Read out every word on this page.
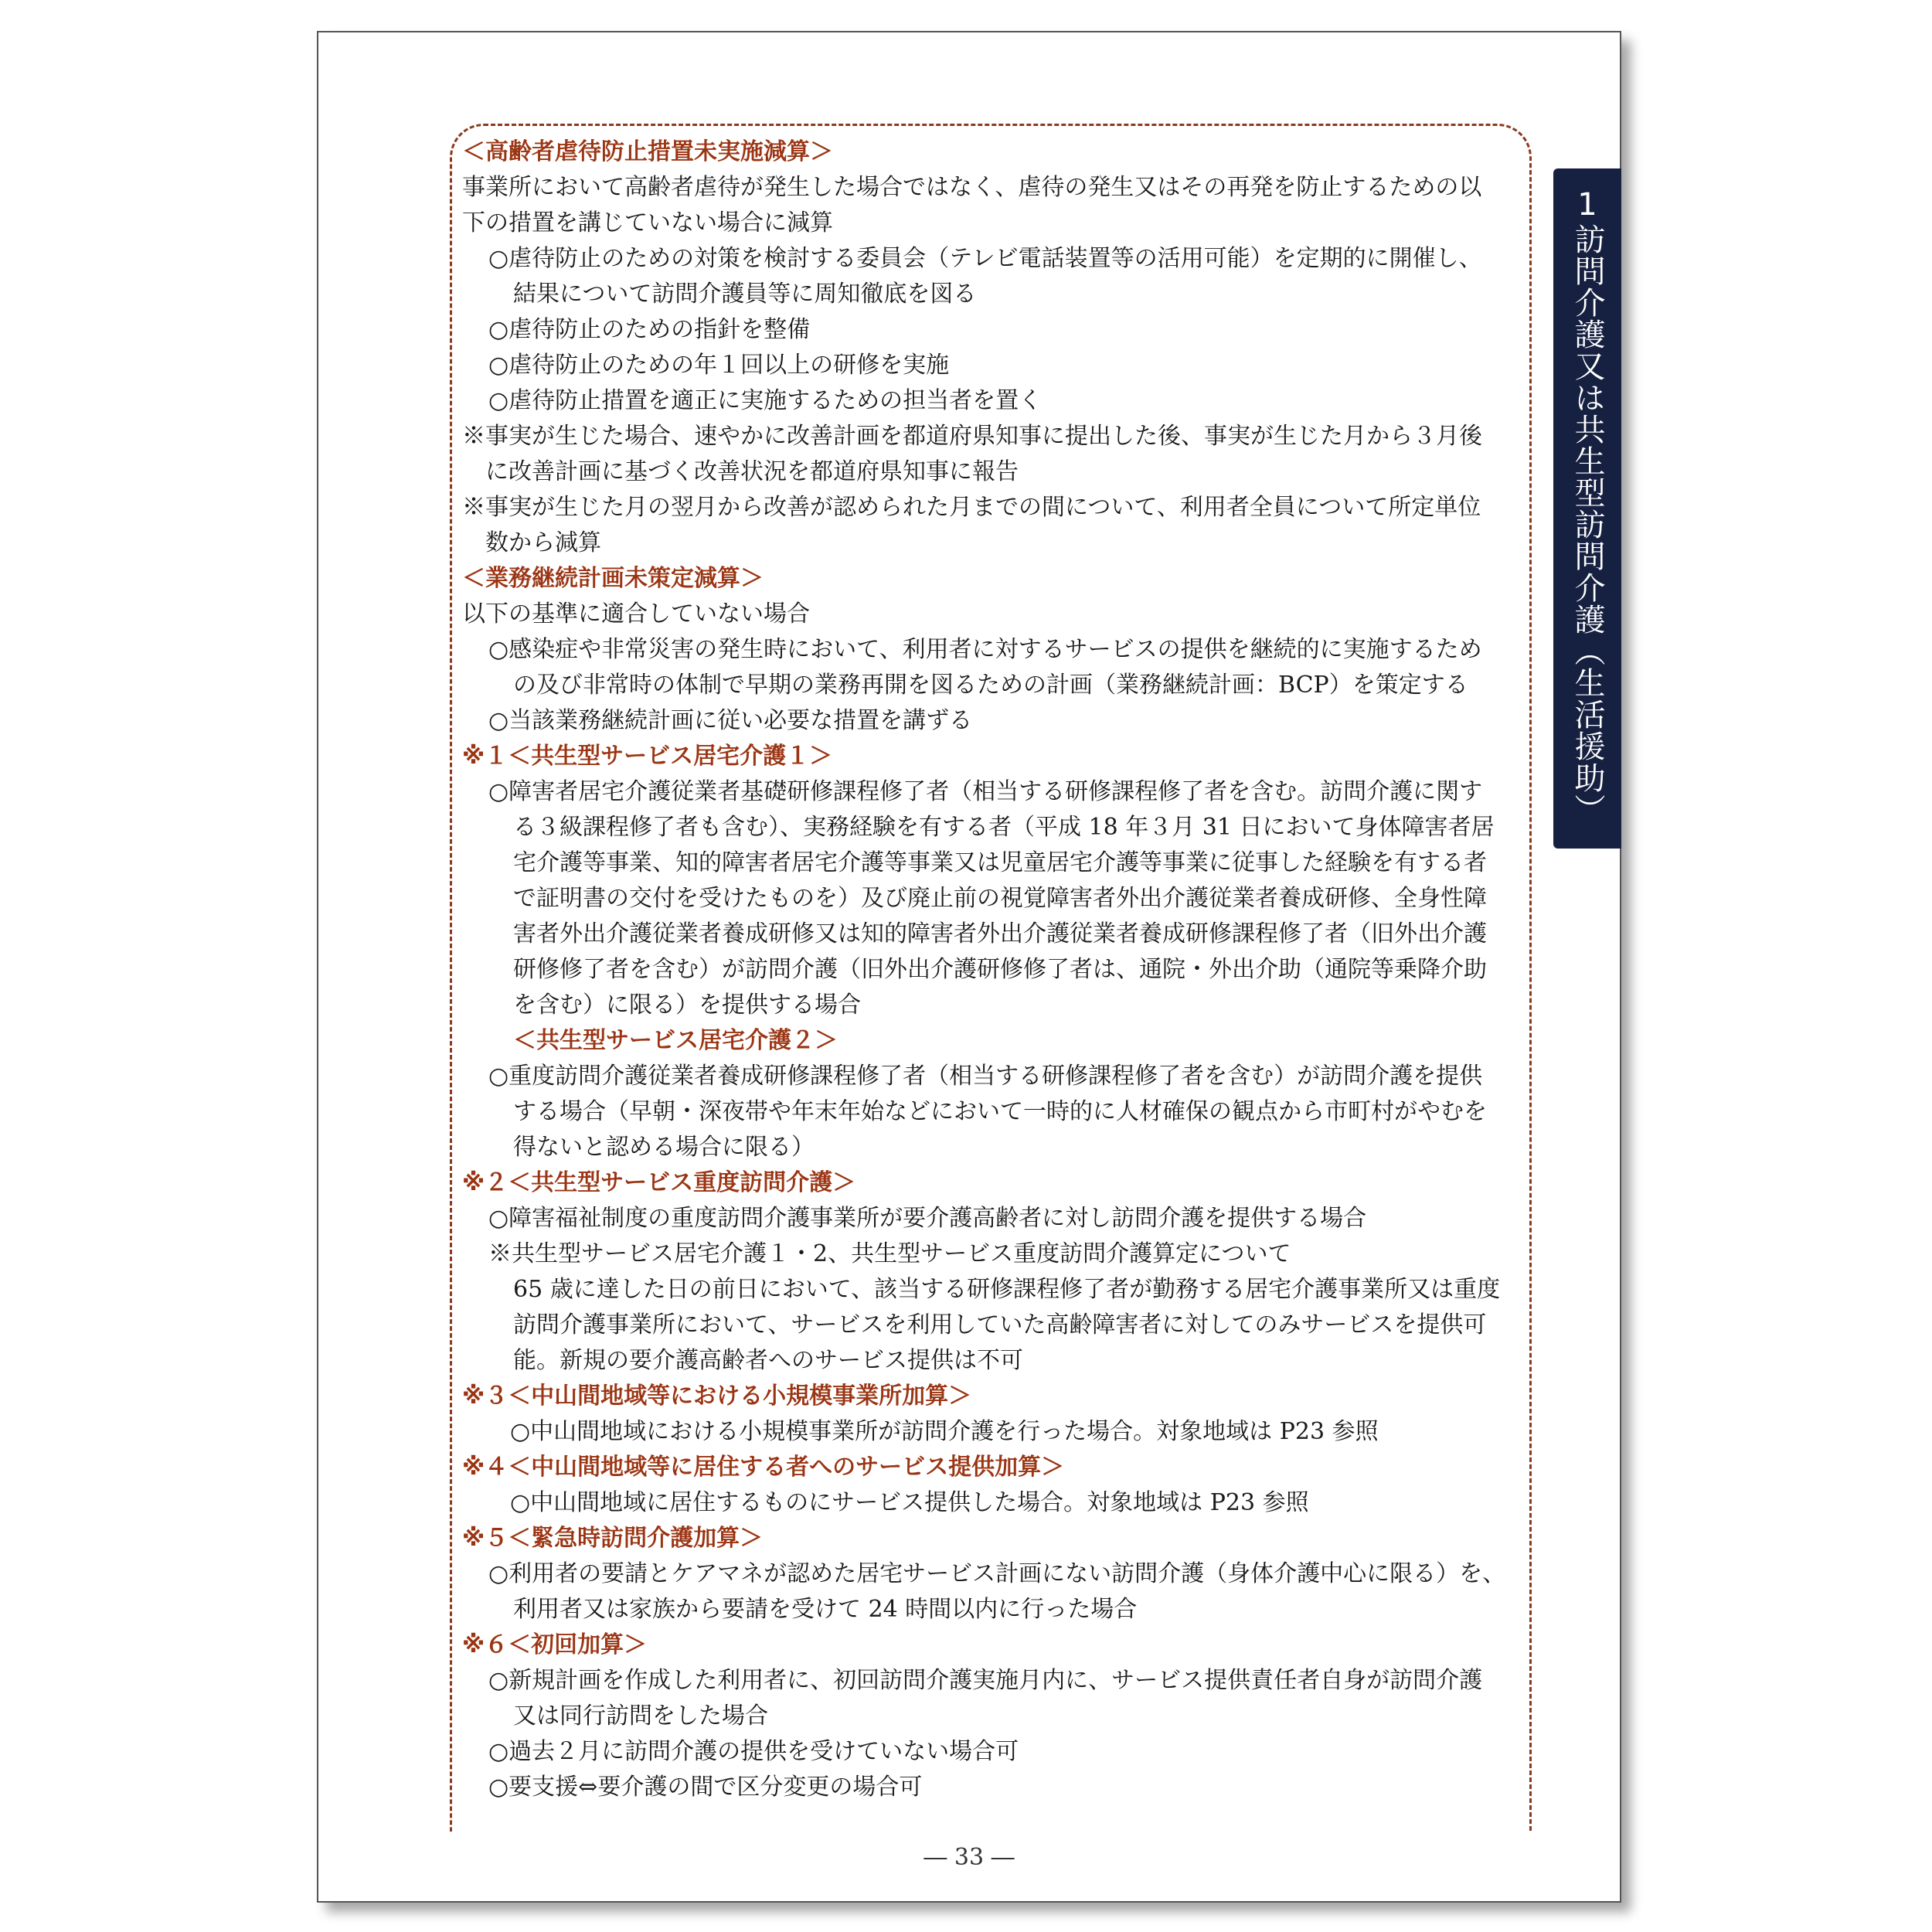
＜高齢者虐待防止措置未実施減算＞
事業所において高齢者虐待が発生した場合ではなく、虐待の発生又はその再発を防止するための以
下の措置を講じていない場合に減算
○虐待防止のための対策を検討する委員会（テレビ電話装置等の活用可能）を定期的に開催し、
結果について訪問介護員等に周知徹底を図る
○虐待防止のための指針を整備
○虐待防止のための年１回以上の研修を実施
○虐待防止措置を適正に実施するための担当者を置く
※事実が生じた場合、速やかに改善計画を都道府県知事に提出した後、事実が生じた月から３月後
に改善計画に基づく改善状況を都道府県知事に報告
※事実が生じた月の翌月から改善が認められた月までの間について、利用者全員について所定単位
数から減算
＜業務継続計画未策定減算＞
以下の基準に適合していない場合
○感染症や非常災害の発生時において、利用者に対するサービスの提供を継続的に実施するため
の及び非常時の体制で早期の業務再開を図るための計画（業務継続計画：BCP）を策定する
○当該業務継続計画に従い必要な措置を講ずる
※１＜共生型サービス居宅介護１＞
○障害者居宅介護従業者基礎研修課程修了者（相当する研修課程修了者を含む。訪問介護に関す
る３級課程修了者も含む）、実務経験を有する者（平成 18 年３月 31 日において身体障害者居
宅介護等事業、知的障害者居宅介護等事業又は児童居宅介護等事業に従事した経験を有する者
で証明書の交付を受けたものを）及び廃止前の視覚障害者外出介護従業者養成研修、全身性障
害者外出介護従業者養成研修又は知的障害者外出介護従業者養成研修課程修了者（旧外出介護
研修修了者を含む）が訪問介護（旧外出介護研修修了者は、通院・外出介助（通院等乗降介助
を含む）に限る）を提供する場合
＜共生型サービス居宅介護２＞
○重度訪問介護従業者養成研修課程修了者（相当する研修課程修了者を含む）が訪問介護を提供
する場合（早朝・深夜帯や年末年始などにおいて一時的に人材確保の観点から市町村がやむを
得ないと認める場合に限る）
※２＜共生型サービス重度訪問介護＞
○障害福祉制度の重度訪問介護事業所が要介護高齢者に対し訪問介護を提供する場合
※共生型サービス居宅介護１・2、共生型サービス重度訪問介護算定について
65 歳に達した日の前日において、該当する研修課程修了者が勤務する居宅介護事業所又は重度
訪問介護事業所において、サービスを利用していた高齢障害者に対してのみサービスを提供可
能。新規の要介護高齢者へのサービス提供は不可
※３＜中山間地域等における小規模事業所加算＞
○中山間地域における小規模事業所が訪問介護を行った場合。対象地域は P23 参照
※４＜中山間地域等に居住する者へのサービス提供加算＞
○中山間地域に居住するものにサービス提供した場合。対象地域は P23 参照
※５＜緊急時訪問介護加算＞
○利用者の要請とケアマネが認めた居宅サービス計画にない訪問介護（身体介護中心に限る）を、
利用者又は家族から要請を受けて 24 時間以内に行った場合
※６＜初回加算＞
○新規計画を作成した利用者に、初回訪問介護実施月内に、サービス提供責任者自身が訪問介護
又は同行訪問をした場合
○過去２月に訪問介護の提供を受けていない場合可
○要支援⇔要介護の間で区分変更の場合可
1訪問介護又は共生型訪問介護（生活援助）
― 33 ―
